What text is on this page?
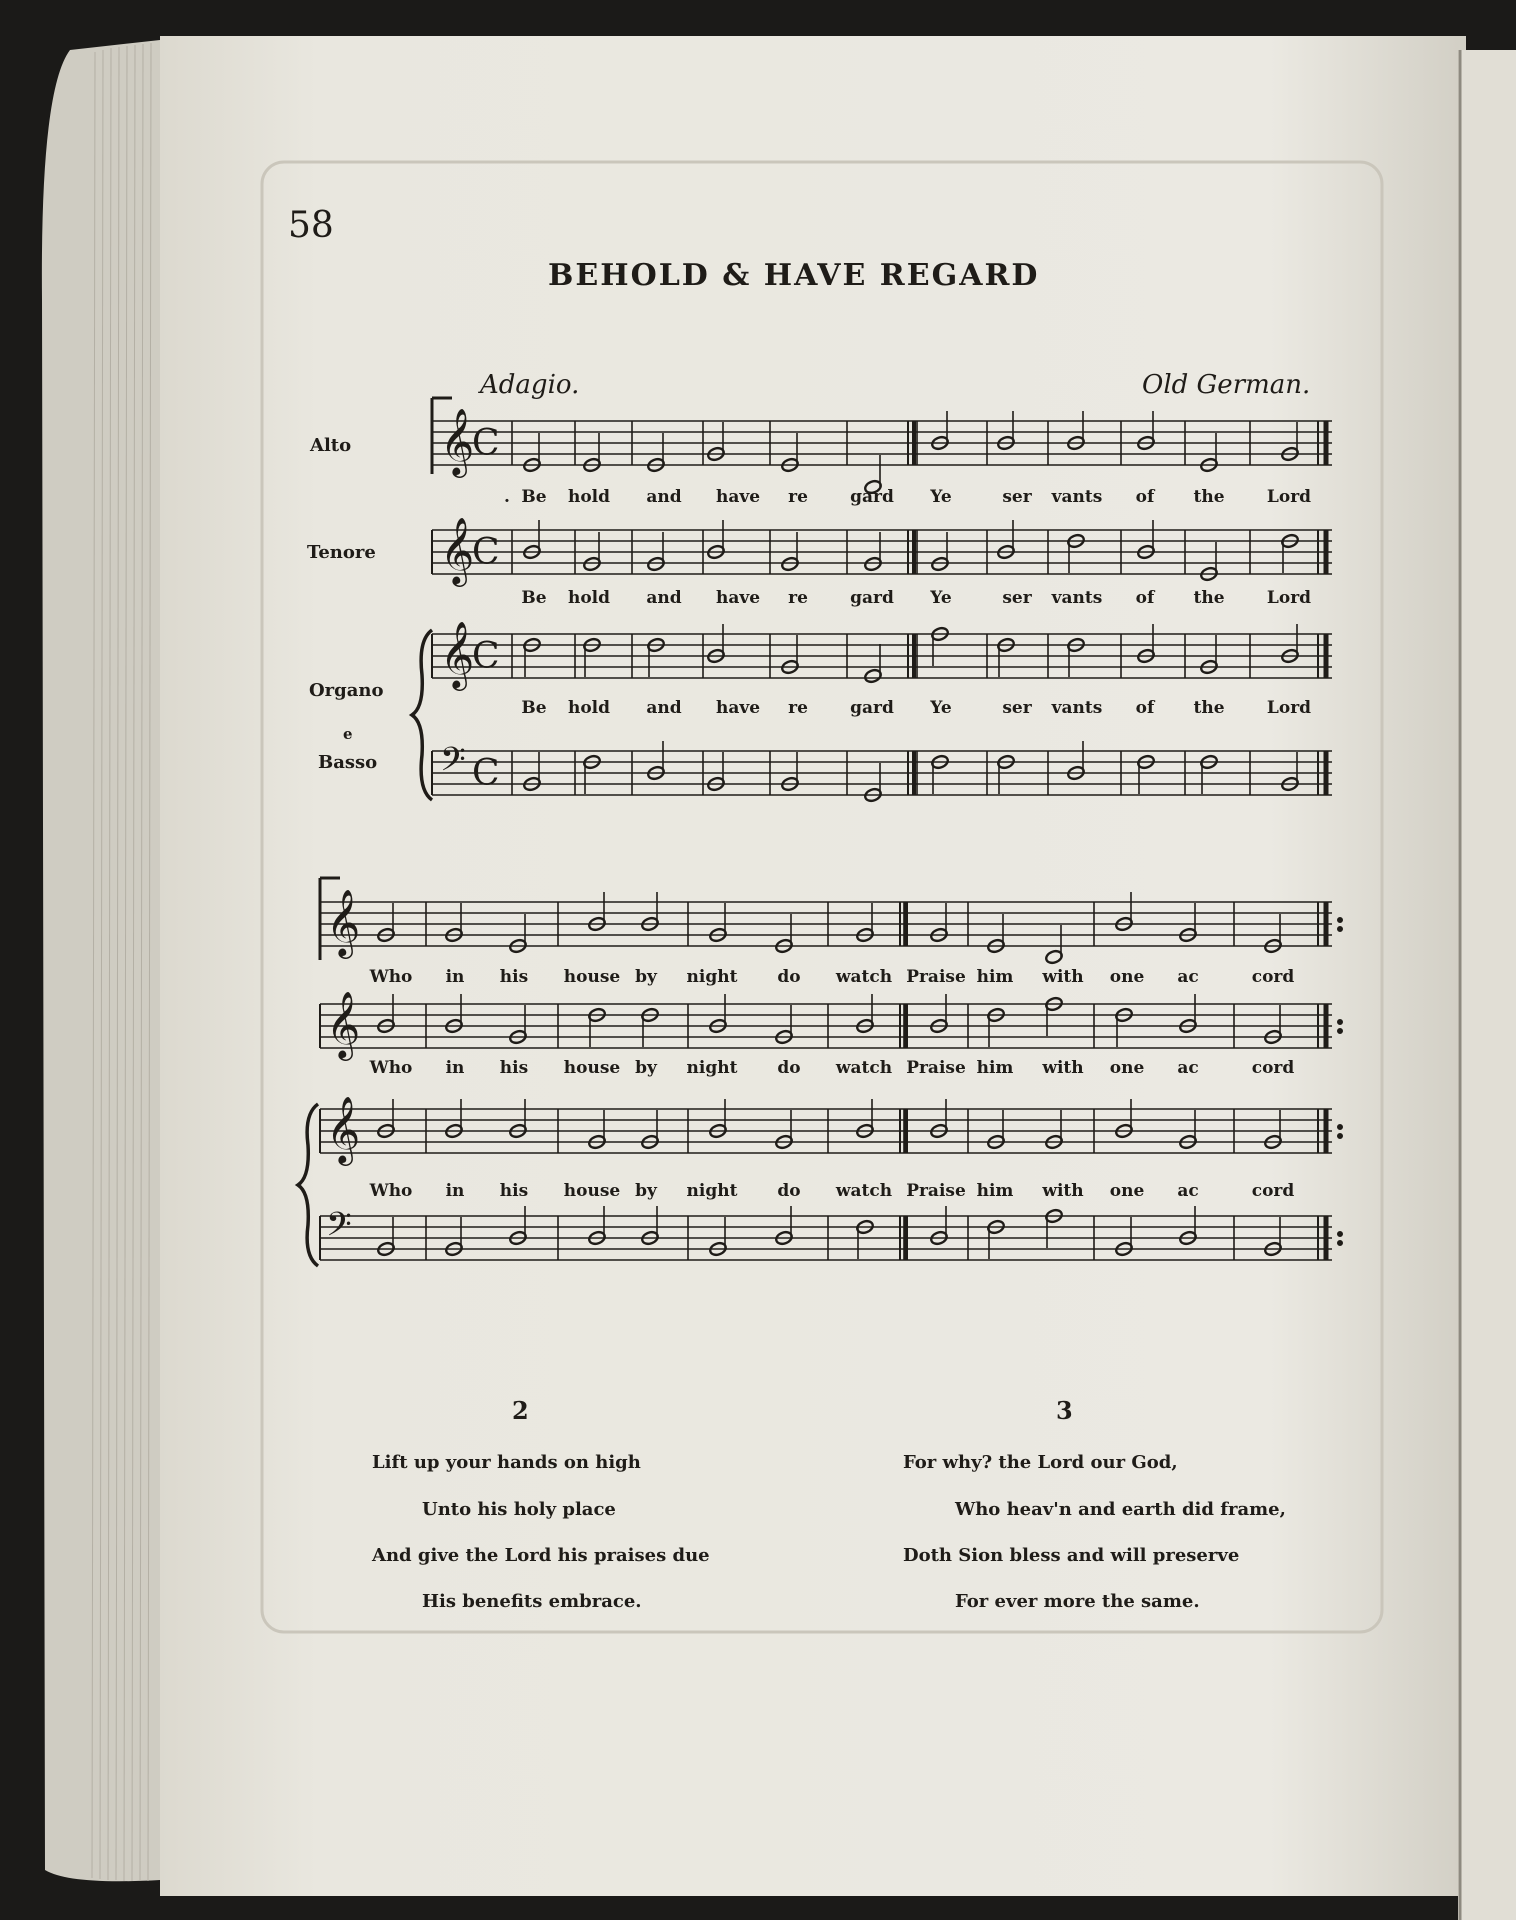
𝄞
C
𝄞
C
𝄞
C
𝄢 C
𝄞
𝄞
𝄞
𝄢
58
BEHOLD & HAVE REGARD
Adagio.	Old German.
Alto
Tenore
Organo
e
Basso
. Be hold and have re gard Ye	ser vants of the Lord
Be hold and have re gard Ye	ser vants of the Lord
Be hold and have re gard Ye	ser vants of the Lord
Who in his house by night do watch Praise him with one ac	cord
Who in his house by night do watch Praise him with one ac	cord
Who in his house by night do watch Praise him with one ac	cord
2
Lift up your hands on high
Unto his holy place
And give the Lord his praises due
His benefits embrace.
3
For why? the Lord our God,
Who heav'n and earth did frame,
Doth Sion bless and will preserve
For ever more the same.
